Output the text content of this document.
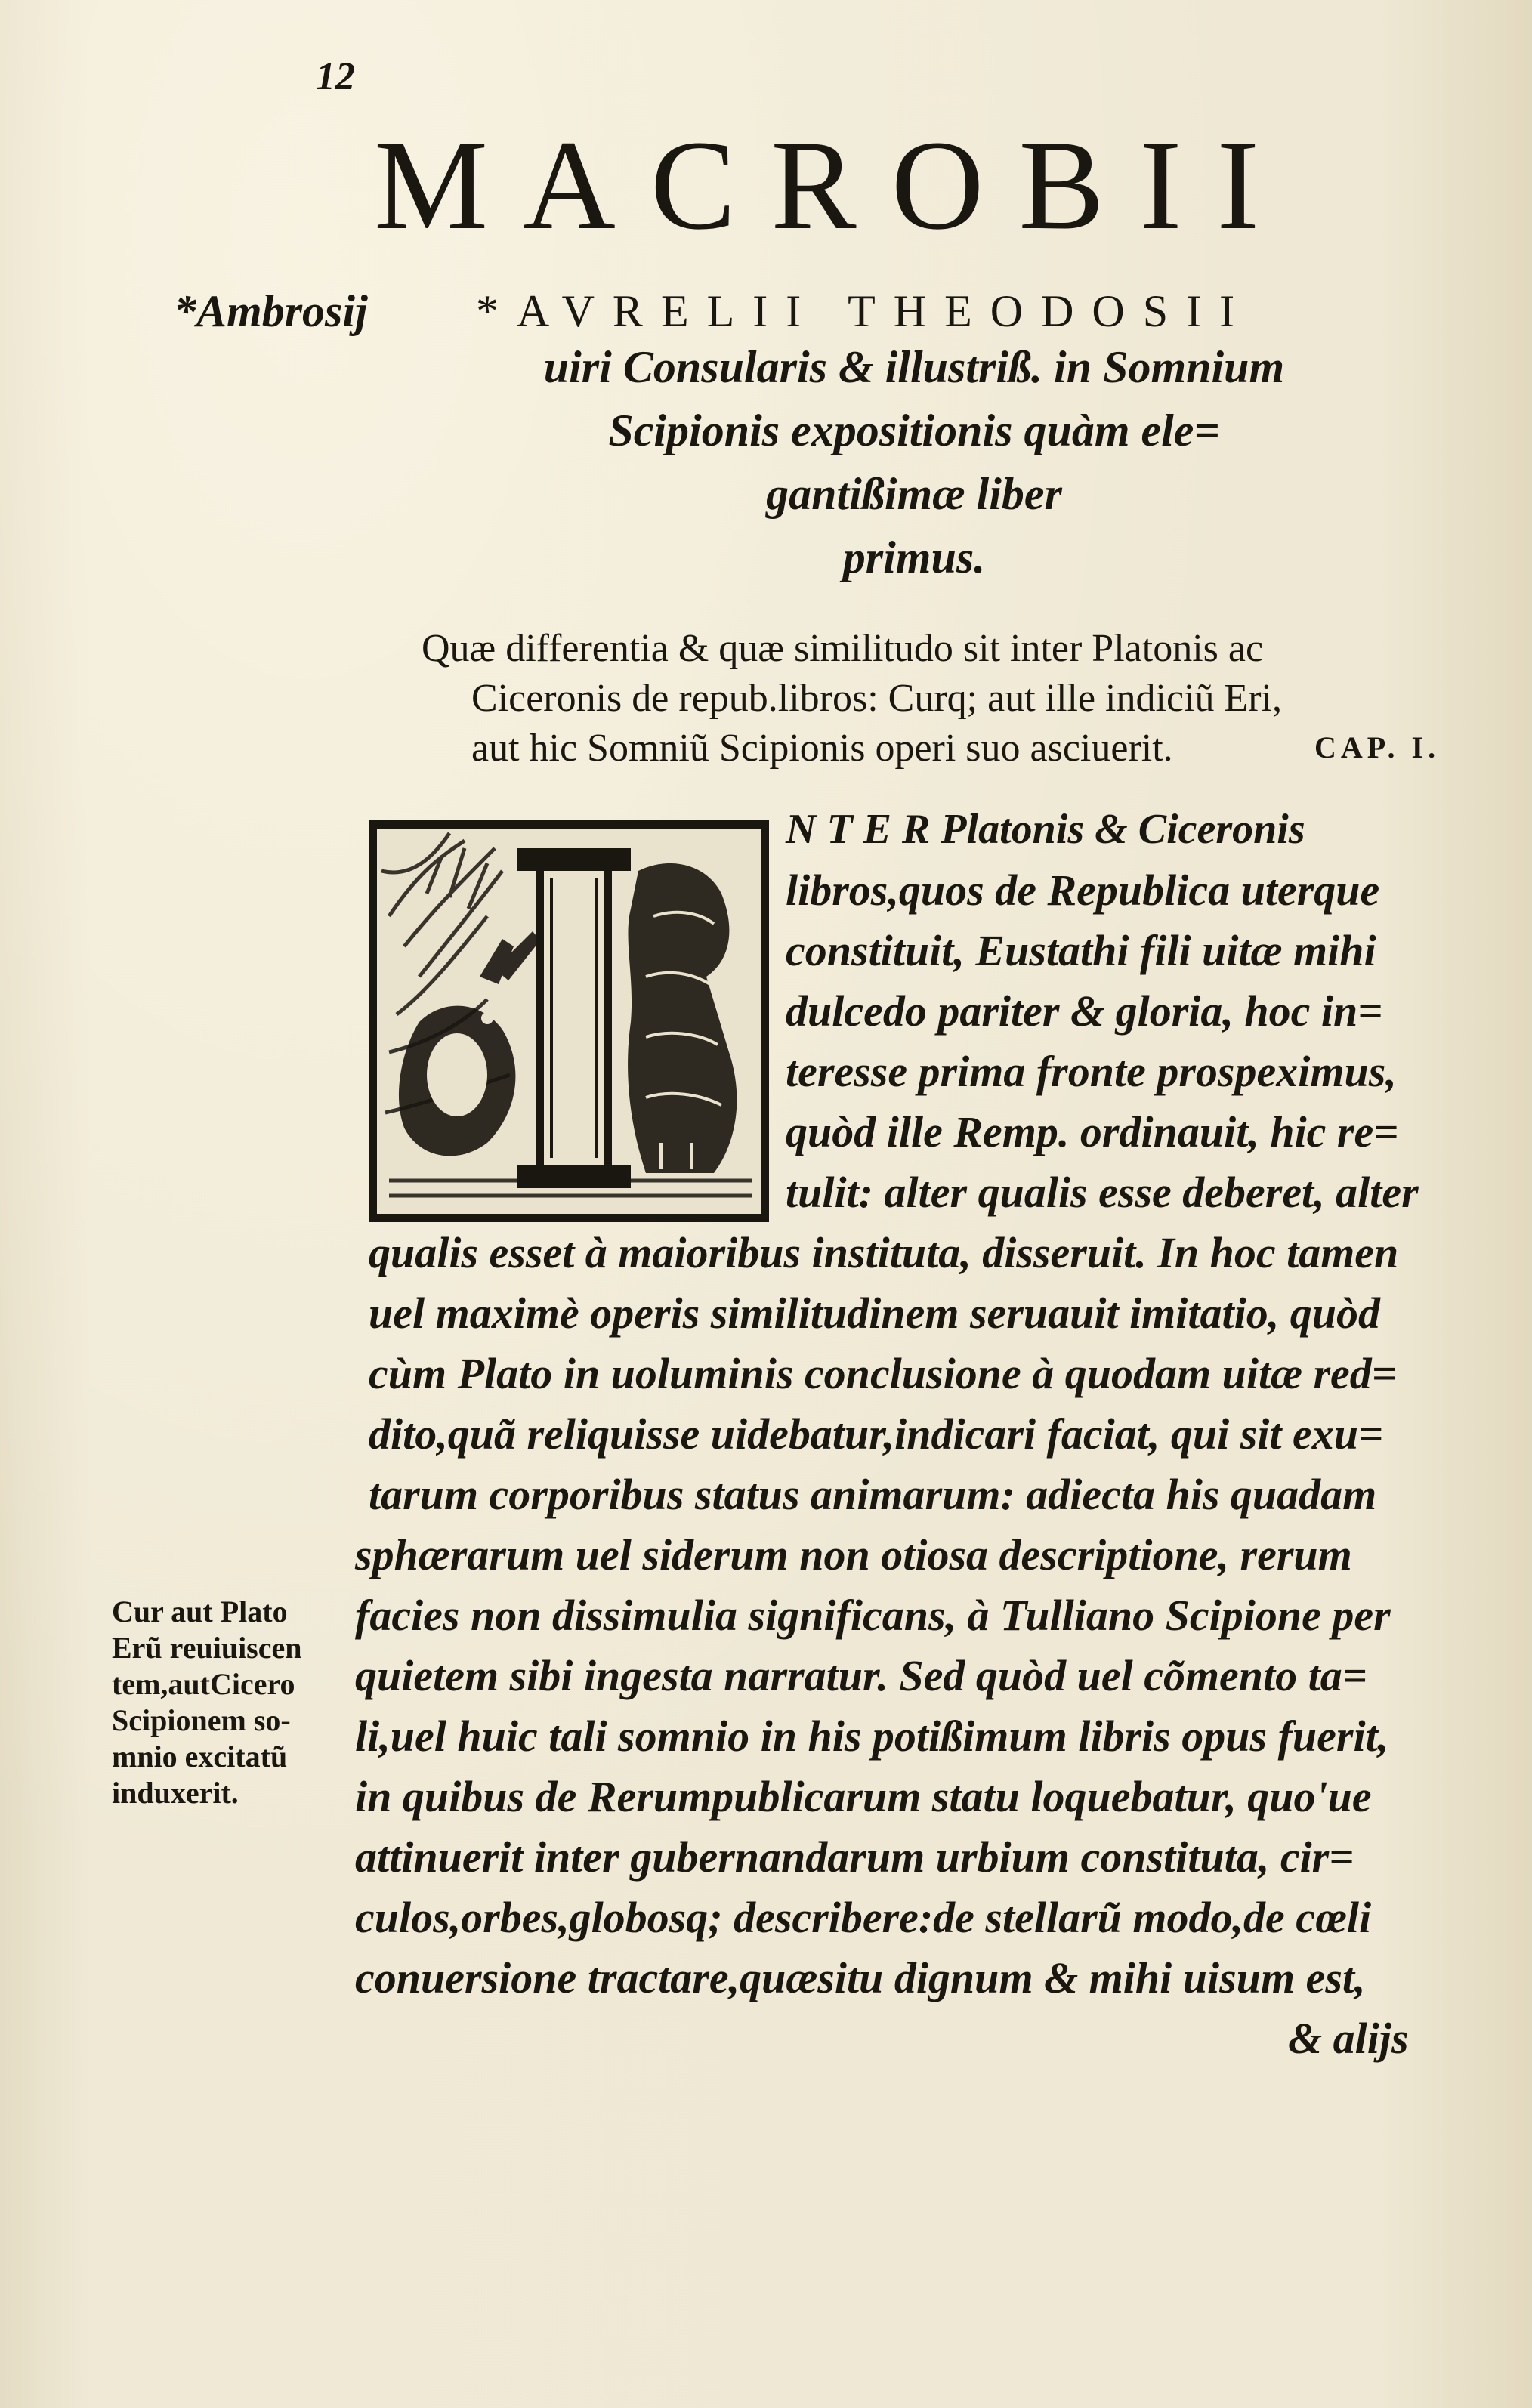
12
MACROBII
*Ambrosij *AVRELII THEODOSII
uiri Consularis & illustriß. in Somnium
Scipionis expositionis quàm ele=
gantißimæ liber
primus.
Quæ differentia & quæ similitudo sit inter Platonis ac
Ciceronis de repub.libros: Curq; aut ille indiciũ Eri,
aut hic Somniũ Scipionis operi suo asciuerit.	CAP. I.
N T E R Platonis & Ciceronis
libros,quos de Republica uterque
constituit, Eustathi fili uitæ mihi
dulcedo pariter & gloria, hoc in=
teresse prima fronte prospeximus,
quòd ille Remp. ordinauit, hic re=
tulit: alter qualis esse deberet, alter
qualis esset à maioribus instituta, disseruit. In hoc tamen
uel maximè operis similitudinem seruauit imitatio, quòd
cùm Plato in uoluminis conclusione à quodam uitæ red=
dito,quã reliquisse uidebatur,indicari faciat, qui sit exu=
tarum corporibus status animarum: adiecta his quadam
sphærarum uel siderum non otiosa descriptione, rerum
facies non dissimulia significans, à Tulliano Scipione per
quietem sibi ingesta narratur. Sed quòd uel cõmento ta=
li,uel huic tali somnio in his potißimum libris opus fuerit,
in quibus de Rerumpublicarum statu loquebatur, quo'ue
attinuerit inter gubernandarum urbium constituta, cir=
culos,orbes,globosq; describere:de stellarũ modo,de cœli
conuersione tractare,quæsitu dignum & mihi uisum est,
& alijs
Cur aut Plato
Erũ reuiuiscen
tem,autCicero
Scipionem so-
mnio excitatũ
induxerit.
